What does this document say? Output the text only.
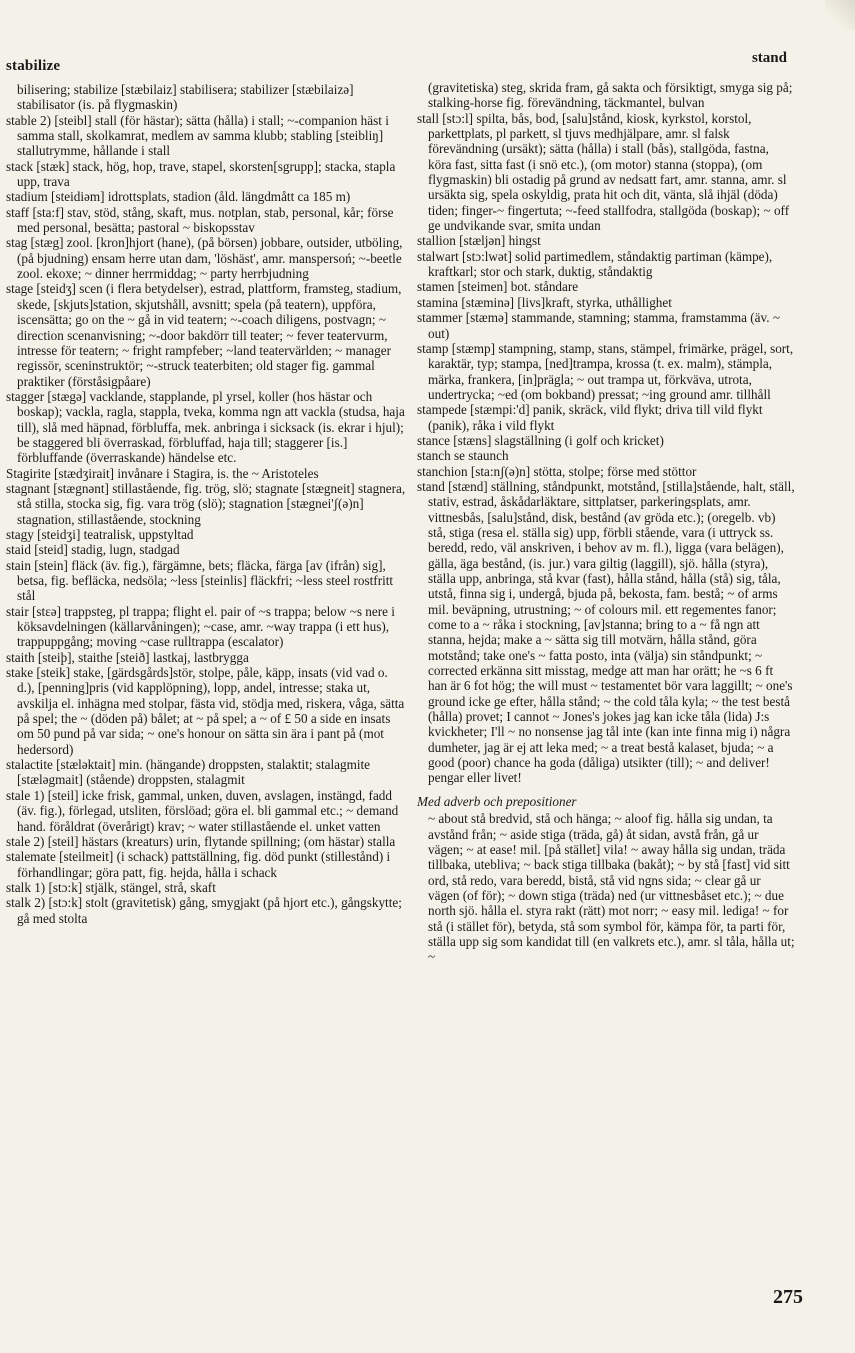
stabilize	stand

bilisering; stabilize [stæbilaiz] stabilisera; stabilizer [stæbilaizə] stabilisator (is. på flygmaskin)

stable 2) [steibl] stall (för hästar); sätta (hålla) i stall; ~-companion häst i samma stall, skolkamrat, medlem av samma klubb; stabling [steibliŋ] stallutrymme, hållande i stall

stack [stæk] stack, hög, hop, trave, stapel, skorsten[sgrupp]; stacka, stapla upp, trava

stadium [steidiəm] idrottsplats, stadion (åld. längdmått ca 185 m)

staff [sta:f] stav, stöd, stång, skaft, mus. notplan, stab, personal, kår; förse med personal, besätta; pastoral ~ biskopsstav

stag [stæg] zool. [kron]hjort (hane), (på börsen) jobbare, outsider, utböling, (på bjudning) ensam herre utan dam, 'löshäst', amr. manspersoń; ~-beetle zool. ekoxe; ~ dinner herrmiddag; ~ party herrbjudning

stage [steidʒ] scen (i flera betydelser), estrad, plattform, framsteg, stadium, skede, [skjuts]station, skjutshåll, avsnitt; spela (på teatern), uppföra, iscensätta; go on the ~ gå in vid teatern; ~-coach diligens, postvagn; ~ direction scenanvisning; ~-door bakdörr till teater; ~ fever teatervurm, intresse för teatern; ~ fright rampfeber; ~land teatervärlden; ~ manager regissör, sceninstruktör; ~-struck teaterbiten; old stager fig. gammal praktiker (förståsigpåare)

stagger [stægə] vacklande, stapplande, pl yrsel, koller (hos hästar och boskap); vackla, ragla, stappla, tveka, komma ngn att vackla (studsa, haja till), slå med häpnad, förbluffa, mek. anbringa i sicksack (is. ekrar i hjul); be staggered bli överraskad, förbluffad, haja till; staggerer [is.] förbluffande (överraskande) händelse etc.

Stagirite [stædʒirait] invånare i Stagira, is. the ~ Aristoteles

stagnant [stægnənt] stillastående, fig. trög, slö; stagnate [stægneit] stagnera, stå stilla, stocka sig, fig. vara trög (slö); stagnation [stægnei'ʃ(ə)n] stagnation, stillastående, stockning

stagy [steidʒi] teatralisk, uppstyltad

staid [steid] stadig, lugn, stadgad

stain [stein] fläck (äv. fig.), färgämne, bets; fläcka, färga [av (ifrån) sig], betsa, fig. befläcka, nedsöla; ~less [steinlis] fläckfri; ~less steel rostfritt stål

stair [stɛə] trappsteg, pl trappa; flight el. pair of ~s trappa; below ~s nere i köksavdelningen (källarvåningen); ~case, amr. ~way trappa (i ett hus), trappuppgång; moving ~case rulltrappa (escalator)

staith [steiþ], staithe [steið] lastkaj, lastbrygga

stake [steik] stake, [gärdsgårds]stör, stolpe, påle, käpp, insats (vid vad o. d.), [penning]pris (vid kapplöpning), lopp, andel, intresse; staka ut, avskilja el. inhägna med stolpar, fästa vid, stödja med, riskera, våga, sätta på spel; the ~ (döden på) bålet; at ~ på spel; a ~ of £ 50 a side en insats om 50 pund på var sida; ~ one's honour on sätta sin ära i pant på (mot hedersord)

stalactite [stæləktait] min. (hängande) droppsten, stalaktit; stalagmite [stæləgmait] (stående) droppsten, stalagmit

stale 1) [steil] icke frisk, gammal, unken, duven, avslagen, instängd, fadd (äv. fig.), förlegad, utsliten, förslöad; göra el. bli gammal etc.; ~ demand hand. föråldrat (överårigt) krav; ~ water stillastående el. unket vatten

stale 2) [steil] hästars (kreaturs) urin, flytande spillning; (om hästar) stalla

stalemate [steilmeit] (i schack) pattställning, fig. död punkt (stillestånd) i förhandlingar; göra patt, fig. hejda, hålla i schack

stalk 1) [stɔ:k] stjälk, stängel, strå, skaft

stalk 2) [stɔ:k] stolt (gravitetisk) gång, smygjakt (på hjort etc.), gångskytte; gå med stolta

(gravitetiska) steg, skrida fram, gå sakta och försiktigt, smyga sig på; stalking-horse fig. förevändning, täckmantel, bulvan

stall [stɔ:l] spilta, bås, bod, [salu]stånd, kiosk, kyrkstol, korstol, parkettplats, pl parkett, sl tjuvs medhjälpare, amr. sl falsk förevändning (ursäkt); sätta (hålla) i stall (bås), stallgöda, fastna, köra fast, sitta fast (i snö etc.), (om motor) stanna (stoppa), (om flygmaskin) bli ostadig på grund av nedsatt fart, amr. stanna, amr. sl ursäkta sig, spela oskyldig, prata hit och dit, vänta, slå ihjäl (döda) tiden; finger-~ fingertuta; ~-feed stallfodra, stallgöda (boskap); ~ off ge undvikande svar, smita undan

stallion [stæljən] hingst

stalwart [stɔ:lwət] solid partimedlem, ståndaktig partiman (kämpe), kraftkarl; stor och stark, duktig, ståndaktig

stamen [steimen] bot. ståndare

stamina [stæminə] [livs]kraft, styrka, uthållighet

stammer [stæmə] stammande, stamning; stamma, framstamma (äv. ~ out)

stamp [stæmp] stampning, stamp, stans, stämpel, frimärke, prägel, sort, karaktär, typ; stampa, [ned]trampa, krossa (t. ex. malm), stämpla, märka, frankera, [in]prägla; ~ out trampa ut, förkväva, utrota, undertrycka; ~ed (om bokband) pressat; ~ing ground amr. tillhåll

stampede [stæmpi:'d] panik, skräck, vild flykt; driva till vild flykt (panik), råka i vild flykt

stance [stæns] slagställning (i golf och kricket)

stanch se staunch

stanchion [sta:nʃ(ə)n] stötta, stolpe; förse med stöttor

stand [stænd] ställning, ståndpunkt, motstånd, [stilla]stående, halt, ställ, stativ, estrad, åskådarläktare, sittplatser, parkeringsplats, amr. vittnesbås, [salu]stånd, disk, bestånd (av gröda etc.); (oregelb. vb) stå, stiga (resa el. ställa sig) upp, förbli stående, vara (i uttryck ss. beredd, redo, väl anskriven, i behov av m. fl.), ligga (vara belägen), gälla, äga bestånd, (is. jur.) vara giltig (laggill), sjö. hålla (styra), ställa upp, anbringa, stå kvar (fast), hålla stånd, hålla (stå) sig, tåla, utstå, finna sig i, undergå, bjuda på, bekosta, fam. bestå; ~ of arms mil. beväpning, utrustning; ~ of colours mil. ett regementes fanor; come to a ~ råka i stockning, [av]stanna; bring to a ~ få ngn att stanna, hejda; make a ~ sätta sig till motvärn, hålla stånd, göra motstånd; take one's ~ fatta posto, inta (välja) sin ståndpunkt; ~ corrected erkänna sitt misstag, medge att man har orätt; he ~s 6 ft han är 6 fot hög; the will must ~ testamentet bör vara laggillt; ~ one's ground icke ge efter, hålla stånd; ~ the cold tåla kyla; ~ the test bestå (hålla) provet; I cannot ~ Jones's jokes jag kan icke tåla (lida) J:s kvickheter; I'll ~ no nonsense jag tål inte (kan inte finna mig i) några dumheter, jag är ej att leka med; ~ a treat bestå kalaset, bjuda; ~ a good (poor) chance ha goda (dåliga) utsikter (till); ~ and deliver! pengar eller livet!

Med adverb och prepositioner

~ about stå bredvid, stå och hänga; ~ aloof fig. hålla sig undan, ta avstånd från; ~ aside stiga (träda, gå) åt sidan, avstå från, gå ur vägen; ~ at ease! mil. [på stället] vila! ~ away hålla sig undan, träda tillbaka, utebliva; ~ back stiga tillbaka (bakåt); ~ by stå [fast] vid sitt ord, stå redo, vara beredd, bistå, stå vid ngns sida; ~ clear gå ur vägen (of för); ~ down stiga (träda) ned (ur vittnesbåset etc.); ~ due north sjö. hålla el. styra rakt (rätt) mot norr; ~ easy mil. lediga! ~ for stå (i stället för), betyda, stå som symbol för, kämpa för, ta parti för, ställa upp sig som kandidat till (en valkrets etc.), amr. sl tåla, hålla ut; ~

275
